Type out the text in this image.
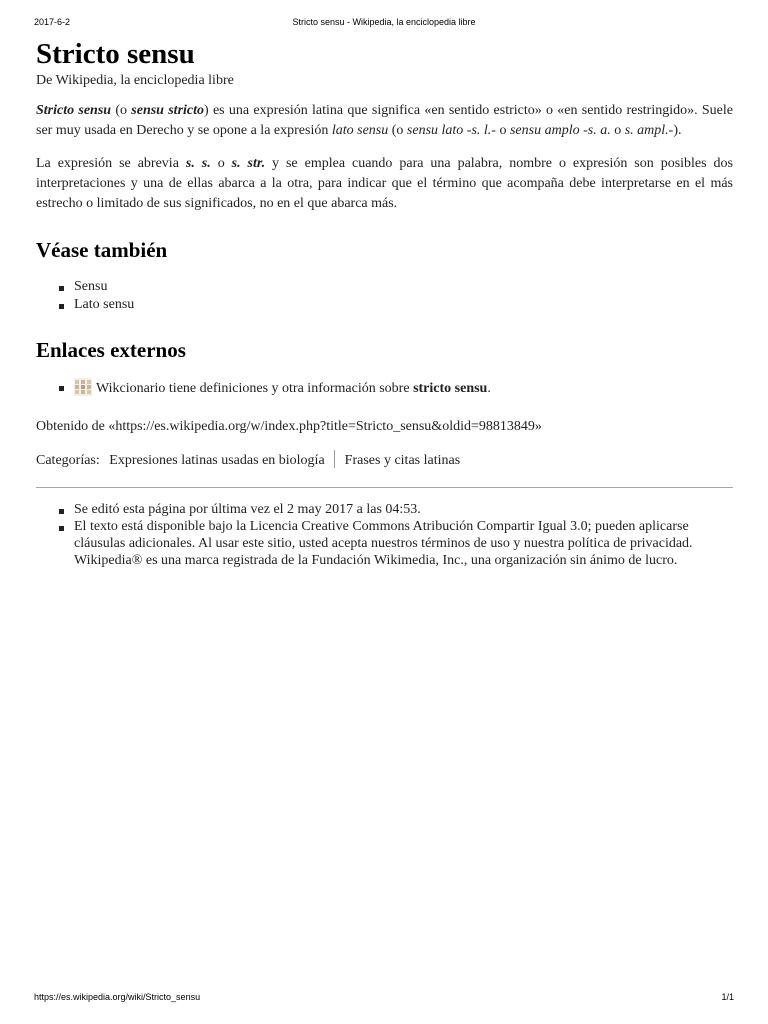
2017-6-2	Stricto sensu - Wikipedia, la enciclopedia libre
Stricto sensu
De Wikipedia, la enciclopedia libre

Stricto sensu (o sensu stricto) es una expresión latina que significa «en sentido estricto» o «en sentido restringido». Suele ser muy usada en Derecho y se opone a la expresión lato sensu (o sensu lato -s. l.- o sensu amplo -s. a. o s. ampl.-).

La expresión se abrevia s. s. o s. str. y se emplea cuando para una palabra, nombre o expresión son posibles dos interpretaciones y una de ellas abarca a la otra, para indicar que el término que acompaña debe interpretarse en el más estrecho o limitado de sus significados, no en el que abarca más.

Véase también
Sensu
Lato sensu
Enlaces externos
Wikcionario tiene definiciones y otra información sobre stricto sensu.
Obtenido de «https://es.wikipedia.org/w/index.php?title=Stricto_sensu&oldid=98813849»
Categorías: Expresiones latinas usadas en biología Frases y citas latinas
Se editó esta página por última vez el 2 may 2017 a las 04:53.
El texto está disponible bajo la Licencia Creative Commons Atribución Compartir Igual 3.0; pueden aplicarse cláusulas adicionales. Al usar este sitio, usted acepta nuestros términos de uso y nuestra política de privacidad.
Wikipedia® es una marca registrada de la Fundación Wikimedia, Inc., una organización sin ánimo de lucro.
https://es.wikipedia.org/wiki/Stricto_sensu	1/1
